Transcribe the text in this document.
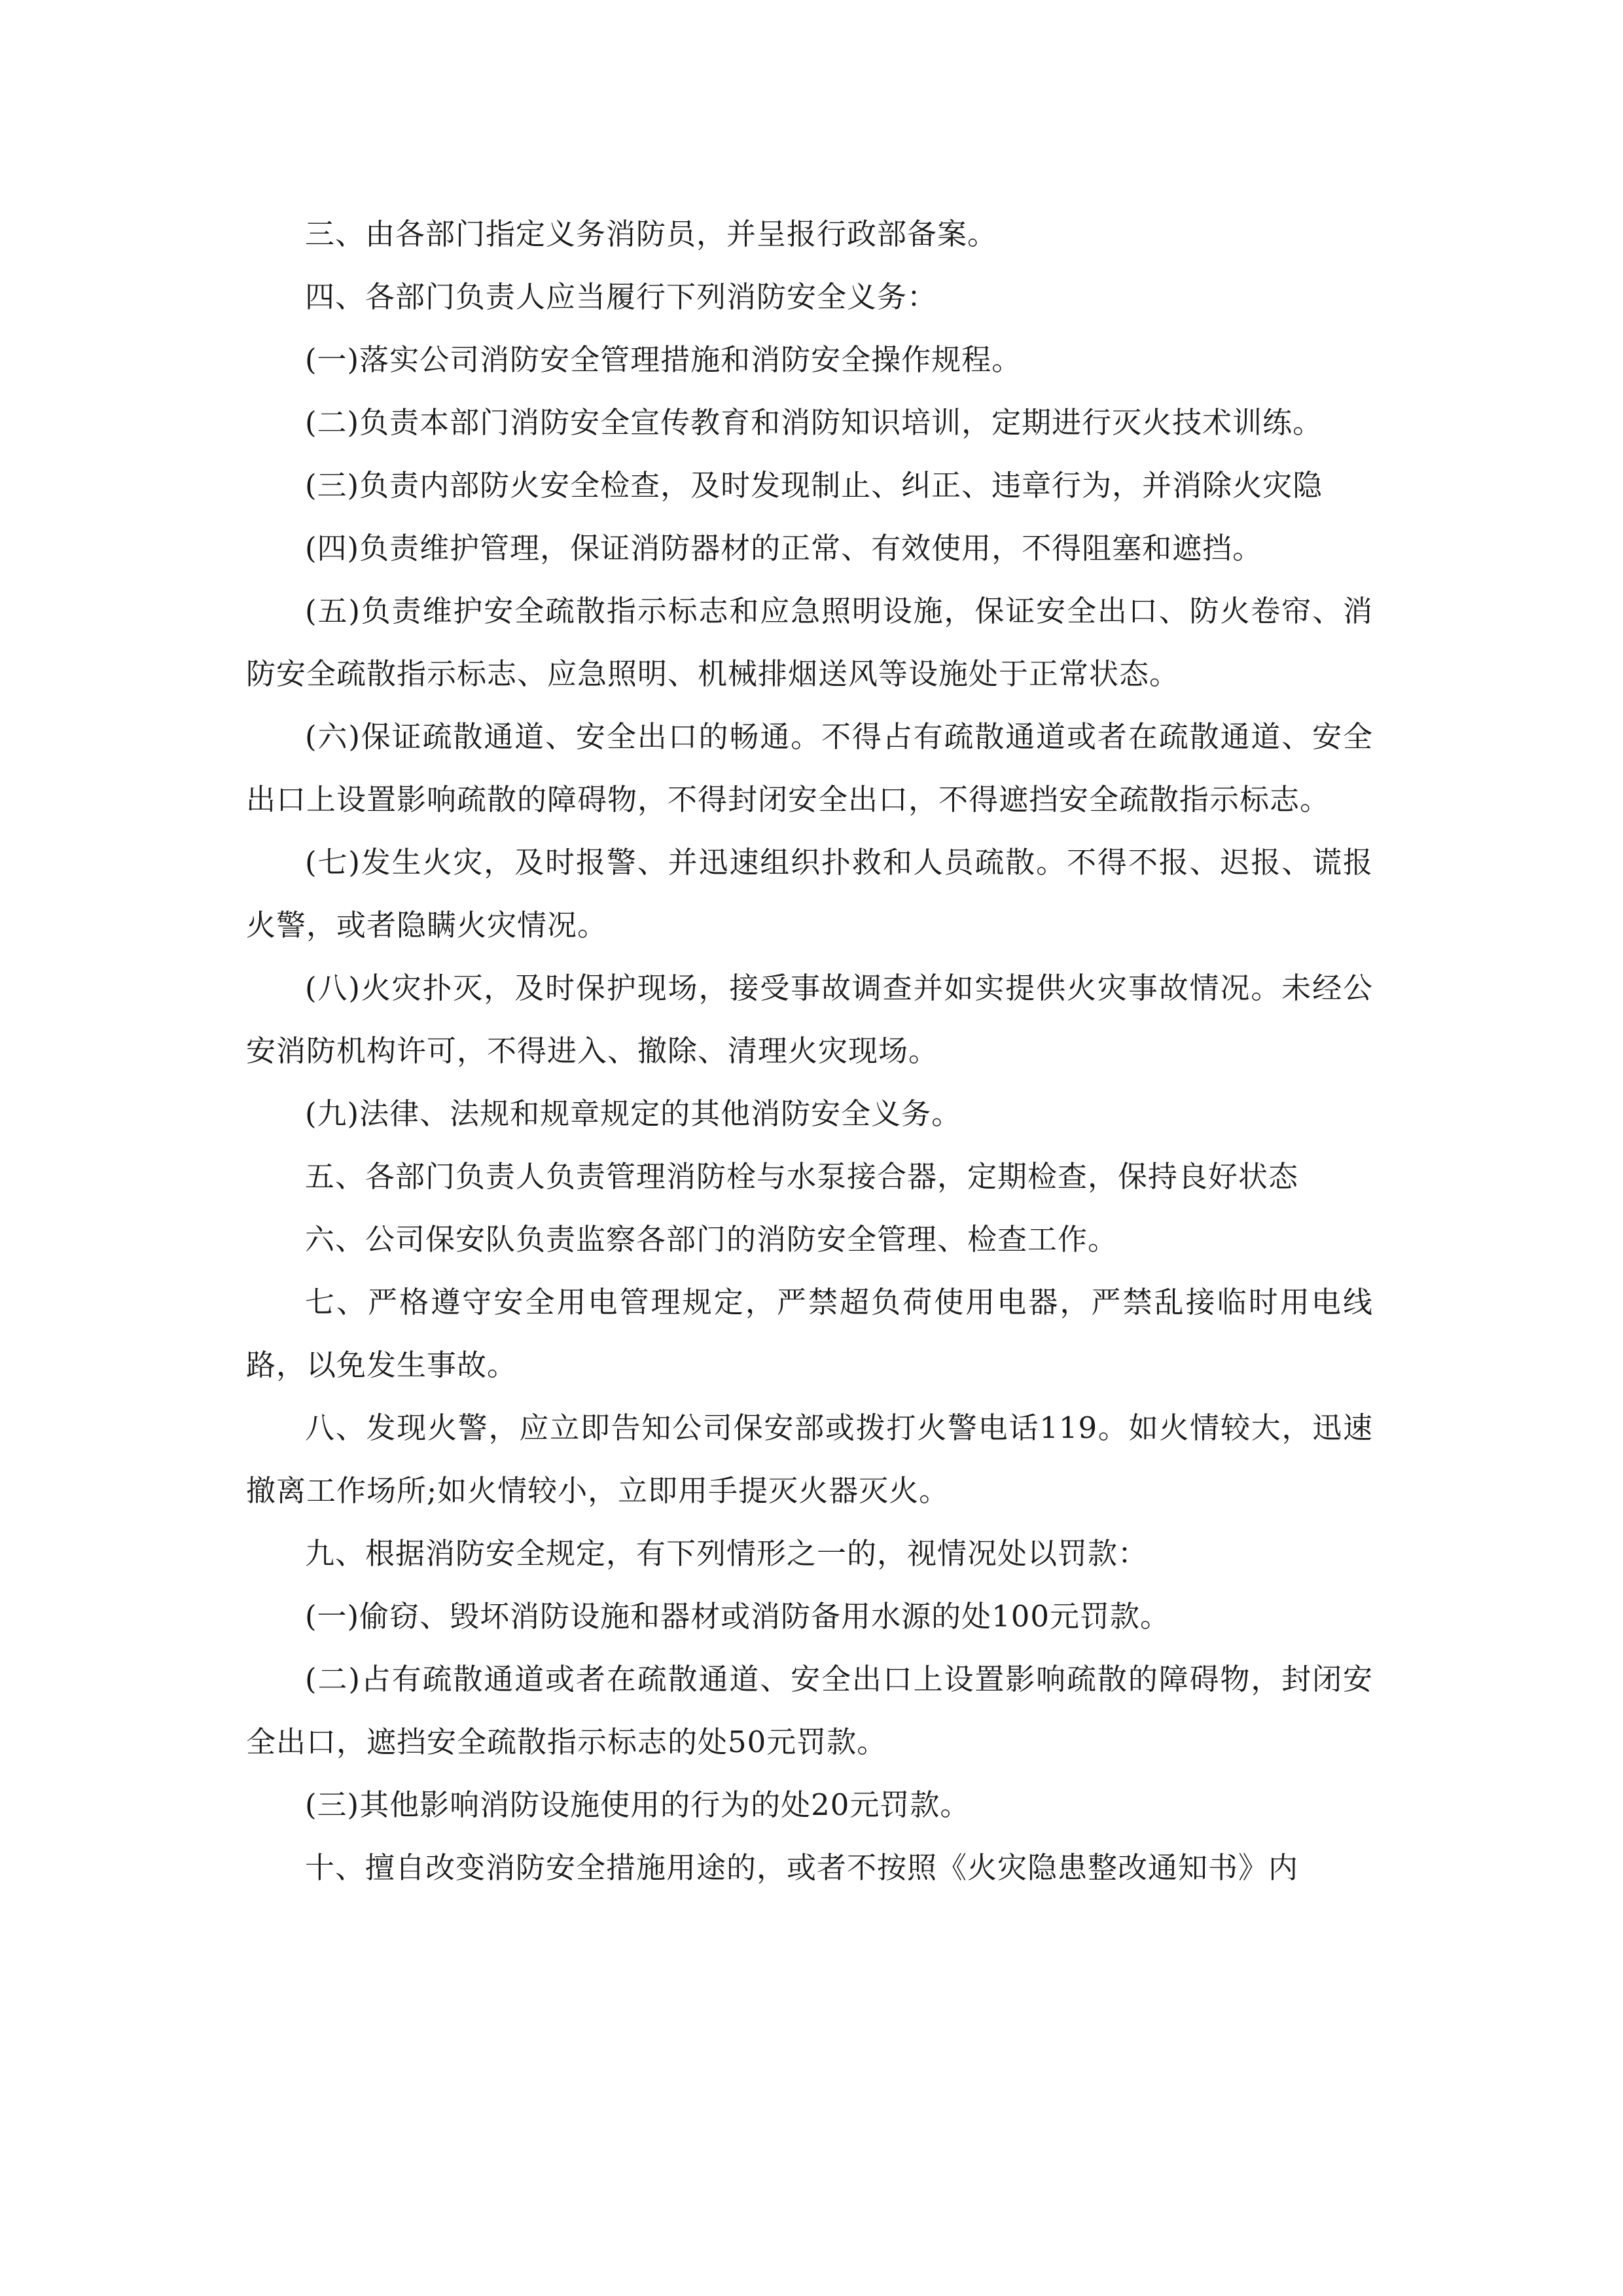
三、由各部门指定义务消防员，并呈报行政部备案。

四、各部门负责人应当履行下列消防安全义务：

(一)落实公司消防安全管理措施和消防安全操作规程。

(二)负责本部门消防安全宣传教育和消防知识培训，定期进行灭火技术训练。

(三)负责内部防火安全检查，及时发现制止、纠正、违章行为，并消除火灾隐

(四)负责维护管理，保证消防器材的正常、有效使用，不得阻塞和遮挡。

(五)负责维护安全疏散指示标志和应急照明设施，保证安全出口、防火卷帘、消防安全疏散指示标志、应急照明、机械排烟送风等设施处于正常状态。

(六)保证疏散通道、安全出口的畅通。不得占有疏散通道或者在疏散通道、安全出口上设置影响疏散的障碍物，不得封闭安全出口，不得遮挡安全疏散指示标志。

(七)发生火灾，及时报警、并迅速组织扑救和人员疏散。不得不报、迟报、谎报火警，或者隐瞒火灾情况。

(八)火灾扑灭，及时保护现场，接受事故调查并如实提供火灾事故情况。未经公安消防机构许可，不得进入、撤除、清理火灾现场。

(九)法律、法规和规章规定的其他消防安全义务。

五、各部门负责人负责管理消防栓与水泵接合器，定期检查，保持良好状态

六、公司保安队负责监察各部门的消防安全管理、检查工作。

七、严格遵守安全用电管理规定，严禁超负荷使用电器，严禁乱接临时用电线路，以免发生事故。

八、发现火警，应立即告知公司保安部或拨打火警电话119。如火情较大，迅速撤离工作场所;如火情较小，立即用手提灭火器灭火。

九、根据消防安全规定，有下列情形之一的，视情况处以罚款：

(一)偷窃、毁坏消防设施和器材或消防备用水源的处100元罚款。

(二)占有疏散通道或者在疏散通道、安全出口上设置影响疏散的障碍物，封闭安全出口，遮挡安全疏散指示标志的处50元罚款。

(三)其他影响消防设施使用的行为的处20元罚款。

十、擅自改变消防安全措施用途的，或者不按照《火灾隐患整改通知书》内
